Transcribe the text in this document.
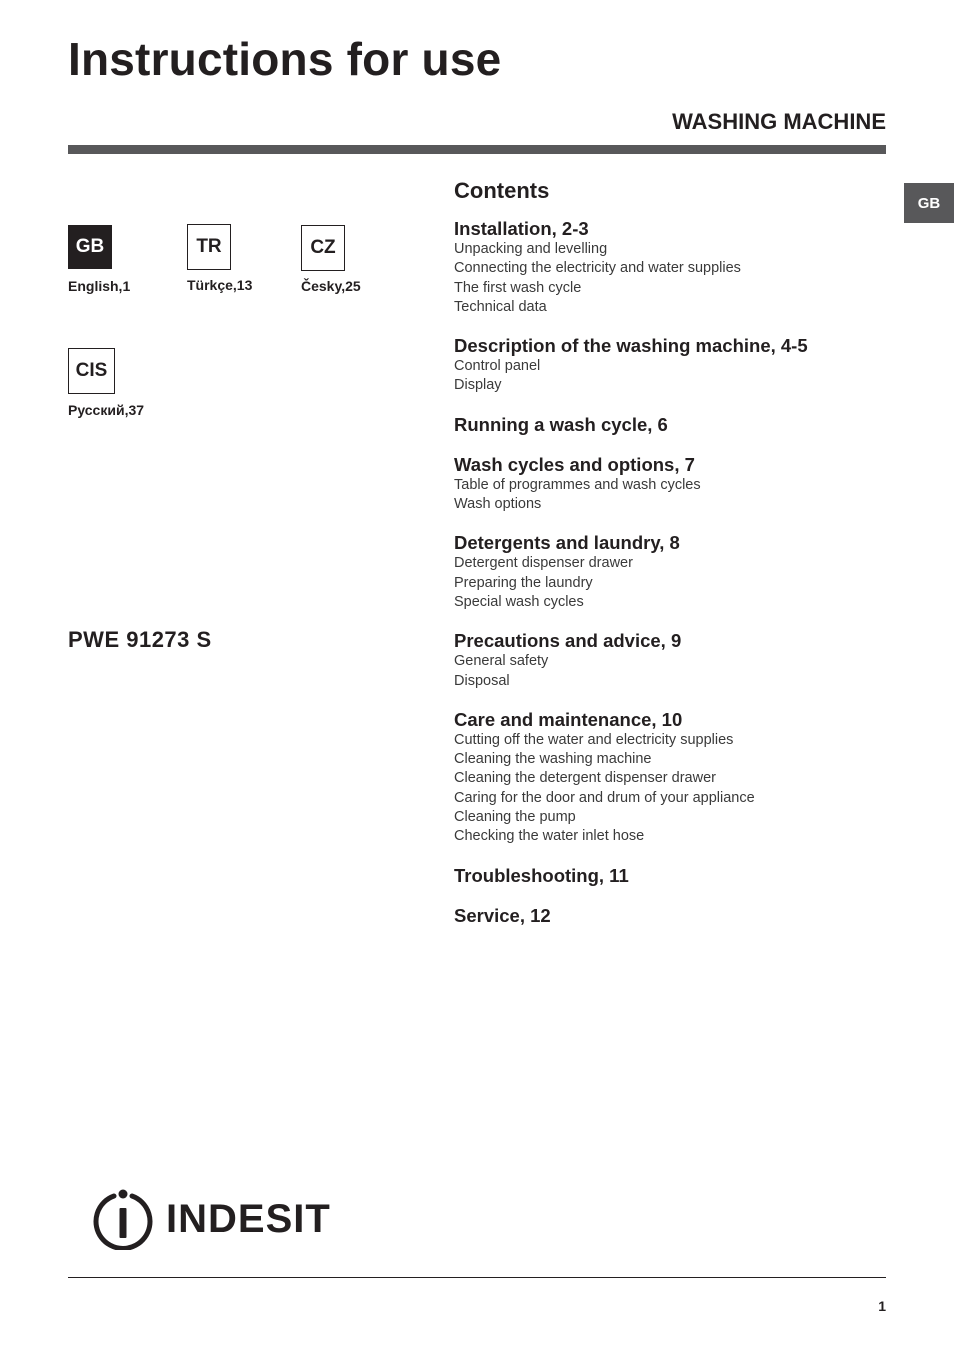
Instructions for use
WASHING MACHINE
GB
GB
English,1
TR
Türkçe,13
CZ
Česky,25
CIS
Русский,37
PWE 91273 S
Contents
Installation, 2-3
Unpacking and levelling
Connecting the electricity and water supplies
The first wash cycle
Technical data
Description of the washing machine, 4-5
Control panel
Display
Running a wash cycle, 6
Wash cycles and options, 7
Table of programmes and wash cycles
Wash options
Detergents and laundry, 8
Detergent dispenser drawer
Preparing the laundry
Special wash cycles
Precautions and advice, 9
General safety
Disposal
Care and maintenance, 10
Cutting off the water and electricity supplies
Cleaning the washing machine
Cleaning the detergent dispenser drawer
Caring for the door and drum of your appliance
Cleaning the pump
Checking the water inlet hose
Troubleshooting, 11
Service, 12
INDESIT
1
